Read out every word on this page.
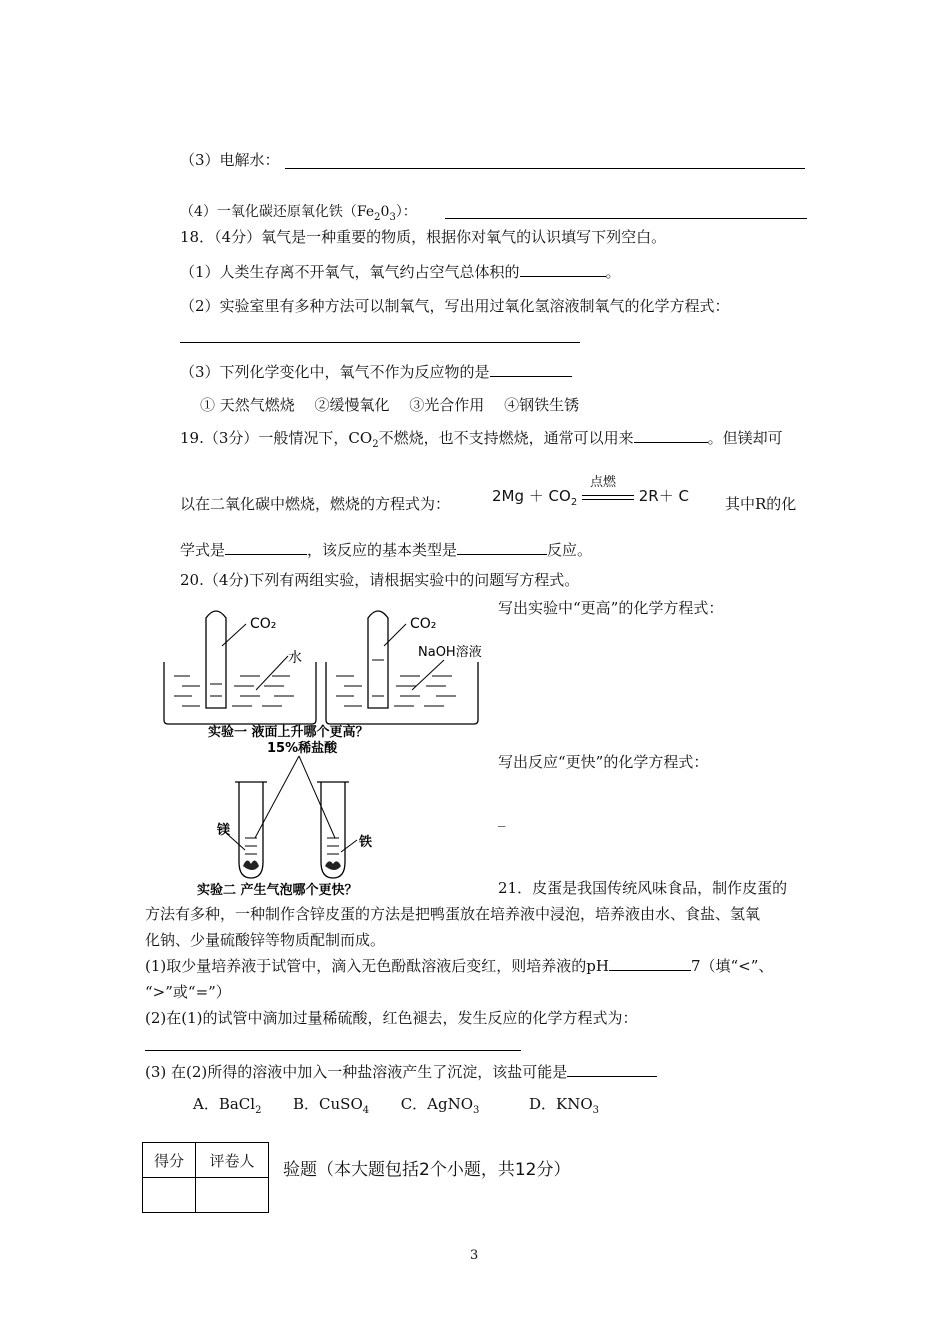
（3）电解水：
（4）一氧化碳还原氧化铁$(Fe_20_3)$：
18．（4分）氧气是一种重要的物质，根据你对氧气的认识填写下列空白。
（1）人类生存离不开氧气，氧气约占空气总体积的	。
（2）实验室里有多种方法可以制氧气，写出用过氧化氢溶液制氧气的化学方程式：
（3）下列化学变化中，氧气不作为反应物的是
① 天然气燃烧　 ②缓慢氧化　 ③光合作用　 ④钢铁生锈
19.（3分）一般情况下，$CO_2$不燃烧，也不支持燃烧，通常可以用来	。但镁却可
以在二氧化碳中燃烧，燃烧的方程式为：	$2Mg + CO_2$
点燃
2R＋ C 其中R的化
学式是	，该反应的基本类型是	反应。
20.（4分)下列有两组实验，请根据实验中的问题写方程式。
写出实验中“更高”的化学方程式：
写出反应“更快”的化学方程式：
_
CO₂
水
CO₂
NaOH溶液
实验一 液面上升哪个更高？
15%稀盐酸
镁
铁
实验二 产生气泡哪个更快？	21．皮蛋是我国传统风味食品，制作皮蛋的
方法有多种，一种制作含锌皮蛋的方法是把鸭蛋放在培养液中浸泡，培养液由水、食盐、氢氧
化钠、少量硫酸锌等物质配制而成。
(1)取少量培养液于试管中，滴入无色酚酞溶液后变红，则培养液的pH	7（填“<”、
“>”或“=”）
(2)在(1)的试管中滴加过量稀硫酸，红色褪去，发生反应的化学方程式为：
(3) 在(2)所得的溶液中加入一种盐溶液产生了沉淀，该盐可能是
A．BaCl$_2$ B．CuSO$_4$ C．AgNO$_3$	D．$KNO_3$
得分	评卷人
	验题（本大题包括2个小题，共12分）
3
